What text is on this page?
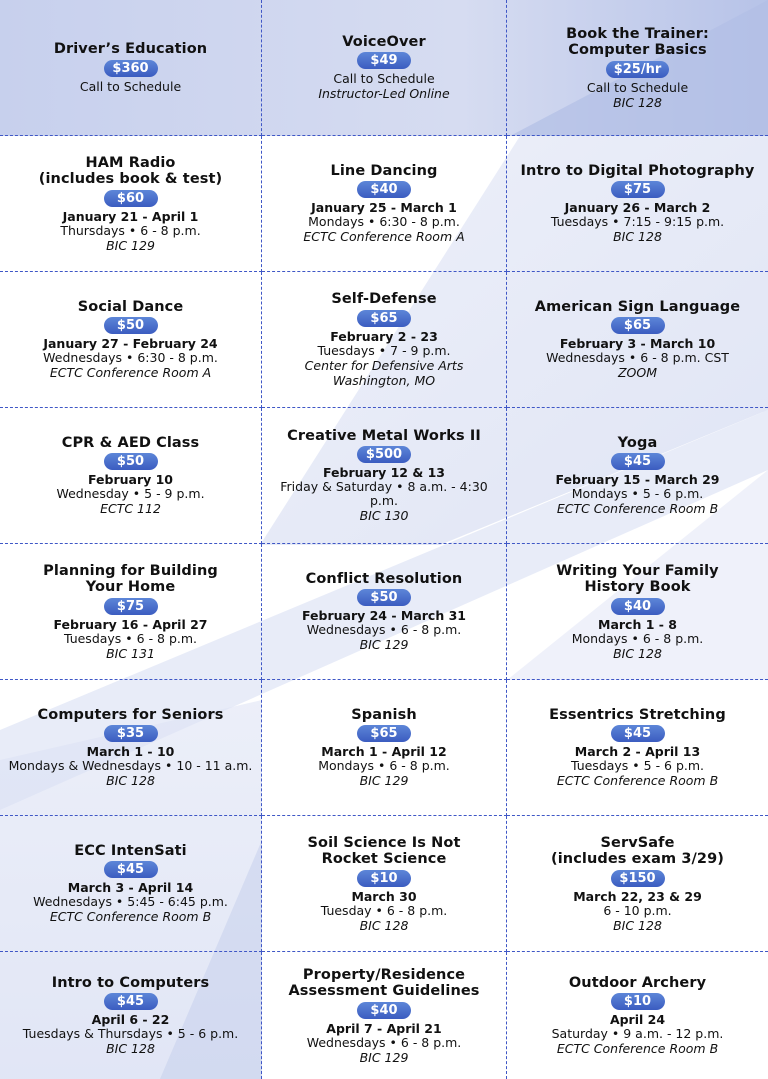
Driver’s Education
$360
Call to Schedule
VoiceOver
$49
Call to Schedule
Instructor-Led Online
Book the Trainer:
Computer Basics
$25/hr
Call to Schedule
BIC 128
HAM Radio
(includes book & test)
$60
January 21 - April 1
Thursdays • 6 - 8 p.m.
BIC 129
Line Dancing
$40
January 25 - March 1
Mondays • 6:30 - 8 p.m.
ECTC Conference Room A
Intro to Digital Photography
$75
January 26 - March 2
Tuesdays • 7:15 - 9:15 p.m.
BIC 128
Social Dance
$50
January 27 - February 24
Wednesdays • 6:30 - 8 p.m.
ECTC Conference Room A
Self-Defense
$65
February 2 - 23
Tuesdays • 7 - 9 p.m.
Center for Defensive Arts
Washington, MO
American Sign Language
$65
February 3 - March 10
Wednesdays • 6 - 8 p.m. CST
ZOOM
CPR & AED Class
$50
February 10
Wednesday • 5 - 9 p.m.
ECTC 112
Creative Metal Works II
$500
February 12 & 13
Friday & Saturday • 8 a.m. - 4:30 p.m.
BIC 130
Yoga
$45
February 15 - March 29
Mondays • 5 - 6 p.m.
ECTC Conference Room B
Planning for Building
Your Home
$75
February 16 - April 27
Tuesdays • 6 - 8 p.m.
BIC 131
Conflict Resolution
$50
February 24 - March 31
Wednesdays • 6 - 8 p.m.
BIC 129
Writing Your Family
History Book
$40
March 1 - 8
Mondays • 6 - 8 p.m.
BIC 128
Computers for Seniors
$35
March 1 - 10
Mondays & Wednesdays • 10 - 11 a.m.
BIC 128
Spanish
$65
March 1 - April 12
Mondays • 6 - 8 p.m.
BIC 129
Essentrics Stretching
$45
March 2 - April 13
Tuesdays • 5 - 6 p.m.
ECTC Conference Room B
ECC IntenSati
$45
March 3 - April 14
Wednesdays • 5:45 - 6:45 p.m.
ECTC Conference Room B
Soil Science Is Not
Rocket Science
$10
March 30
Tuesday • 6 - 8 p.m.
BIC 128
ServSafe
(includes exam 3/29)
$150
March 22, 23 & 29
6 - 10 p.m.
BIC 128
Intro to Computers
$45
April 6 - 22
Tuesdays & Thursdays • 5 - 6 p.m.
BIC 128
Property/Residence
Assessment Guidelines
$40
April 7 - April 21
Wednesdays • 6 - 8 p.m.
BIC 129
Outdoor Archery
$10
April 24
Saturday • 9 a.m. - 12 p.m.
ECTC Conference Room B
